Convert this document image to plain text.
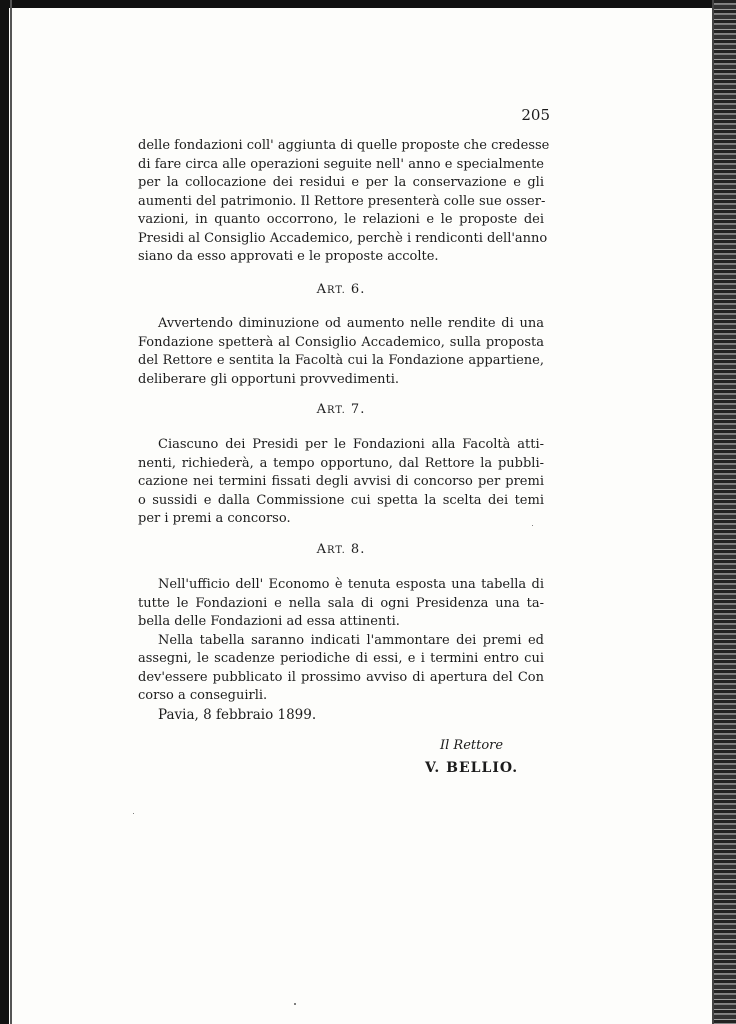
205
delle fondazioni coll' aggiunta di quelle proposte che credesse
di fare circa alle operazioni seguite nell' anno e specialmente
per la collocazione dei residui e per la conservazione e gli
aumenti del patrimonio. Il Rettore presenterà colle sue osser-
vazioni, in quanto occorrono, le relazioni e le proposte dei
Presidi al Consiglio Accademico, perchè i rendiconti dell'anno
siano da esso approvati e le proposte accolte.
ART. 6.
Avvertendo diminuzione od aumento nelle rendite di una
Fondazione spetterà al Consiglio Accademico, sulla proposta
del Rettore e sentita la Facoltà cui la Fondazione appartiene,
deliberare gli opportuni provvedimenti.
ART. 7.
Ciascuno dei Presidi per le Fondazioni alla Facoltà atti-
nenti, richiederà, a tempo opportuno, dal Rettore la pubbli-
cazione nei termini fissati degli avvisi di concorso per premi
o sussidi e dalla Commissione cui spetta la scelta dei temi
per i premi a concorso.
ART. 8.
Nell'ufficio dell' Economo è tenuta esposta una tabella di
tutte le Fondazioni e nella sala di ogni Presidenza una ta-
bella delle Fondazioni ad essa attinenti.
Nella tabella saranno indicati l'ammontare dei premi ed
assegni, le scadenze periodiche di essi, e i termini entro cui
dev'essere pubblicato il prossimo avviso di apertura del Con
corso a conseguirli.
Pavia, 8 febbraio 1899.
Il Rettore
V. BELLIO.
